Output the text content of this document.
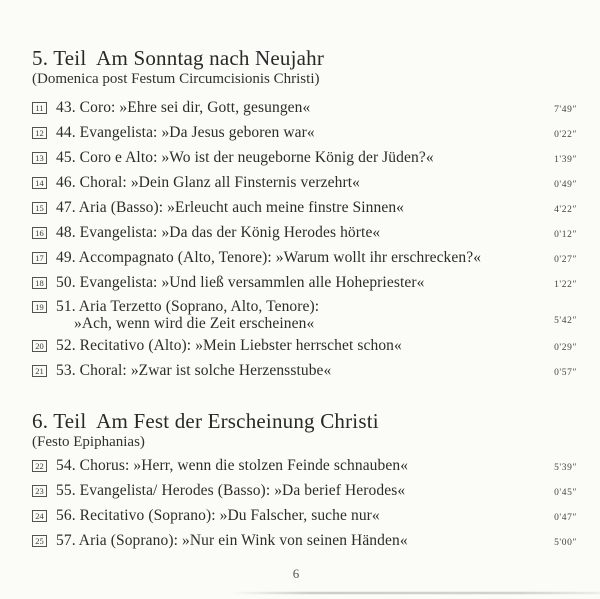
5. Teil  Am Sonntag nach Neujahr

(Domenica post Festum Circumcisionis Christi)

11 43. Coro: »Ehre sei dir, Gott, gesungen«	7'49″
12 44. Evangelista: »Da Jesus geboren war«	0'22″
13 45. Coro e Alto: »Wo ist der neugeborne König der Jüden?«	1'39″
14 46. Choral: »Dein Glanz all Finsternis verzehrt«	0'49″
15 47. Aria (Basso): »Erleucht auch meine finstre Sinnen«	4'22″
16 48. Evangelista: »Da das der König Herodes hörte«	0'12″
17 49. Accompagnato (Alto, Tenore): »Warum wollt ihr erschrecken?«	0'27″
18 50. Evangelista: »Und ließ versammlen alle Hohepriester«	1'22″
19 51. Aria Terzetto (Soprano, Alto, Tenore):
»Ach, wenn wird die Zeit erscheinen«	5'42″
20 52. Recitativo (Alto): »Mein Liebster herrschet schon«	0'29″
21 53. Choral: »Zwar ist solche Herzensstube«	0'57″
6. Teil  Am Fest der Erscheinung Christi

(Festo Epiphanias)

22 54. Chorus: »Herr, wenn die stolzen Feinde schnauben«	5'39″
23 55. Evangelista/ Herodes (Basso): »Da berief Herodes«	0'45″
24 56. Recitativo (Soprano): »Du Falscher, suche nur«	0'47″
25 57. Aria (Soprano): »Nur ein Wink von seinen Händen«	5'00″
6
